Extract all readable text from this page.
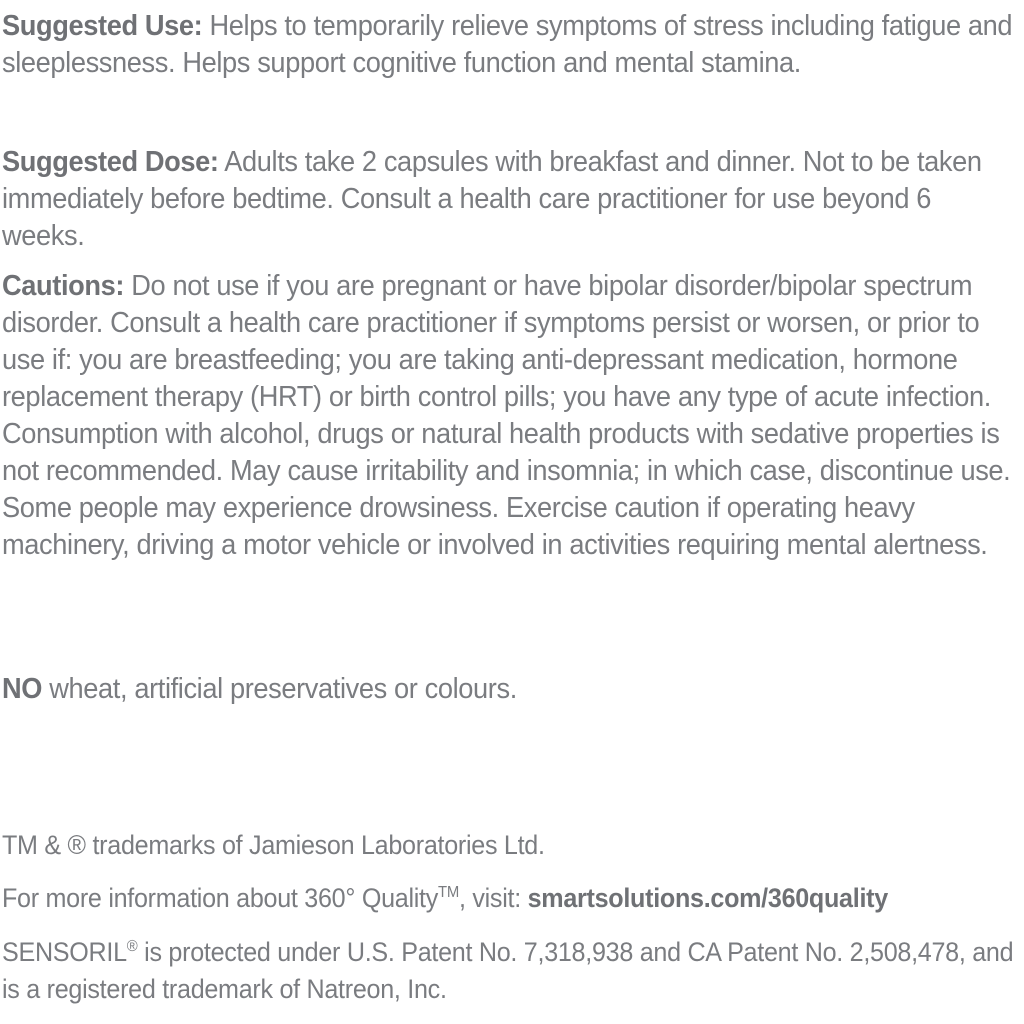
Suggested Use: Helps to temporarily relieve symptoms of stress including fatigue and sleeplessness. Helps support cognitive function and mental stamina.

Suggested Dose: Adults take 2 capsules with breakfast and dinner. Not to be taken immediately before bedtime. Consult a health care practitioner for use beyond 6 weeks.

Cautions: Do not use if you are pregnant or have bipolar disorder/bipolar spectrum disorder. Consult a health care practitioner if symptoms persist or worsen, or prior to use if: you are breastfeeding; you are taking anti-depressant medication, hormone replacement therapy (HRT) or birth control pills; you have any type of acute infection. Consumption with alcohol, drugs or natural health products with sedative properties is not recommended. May cause irritability and insomnia; in which case, discontinue use. Some people may experience drowsiness. Exercise caution if operating heavy machinery, driving a motor vehicle or involved in activities requiring mental alertness.

NO wheat, artificial preservatives or colours.

TM & ® trademarks of Jamieson Laboratories Ltd.

For more information about 360° Quality™, visit: smartsolutions.com/360quality

SENSORIL® is protected under U.S. Patent No. 7,318,938 and CA Patent No. 2,508,478, and is a registered trademark of Natreon, Inc.
